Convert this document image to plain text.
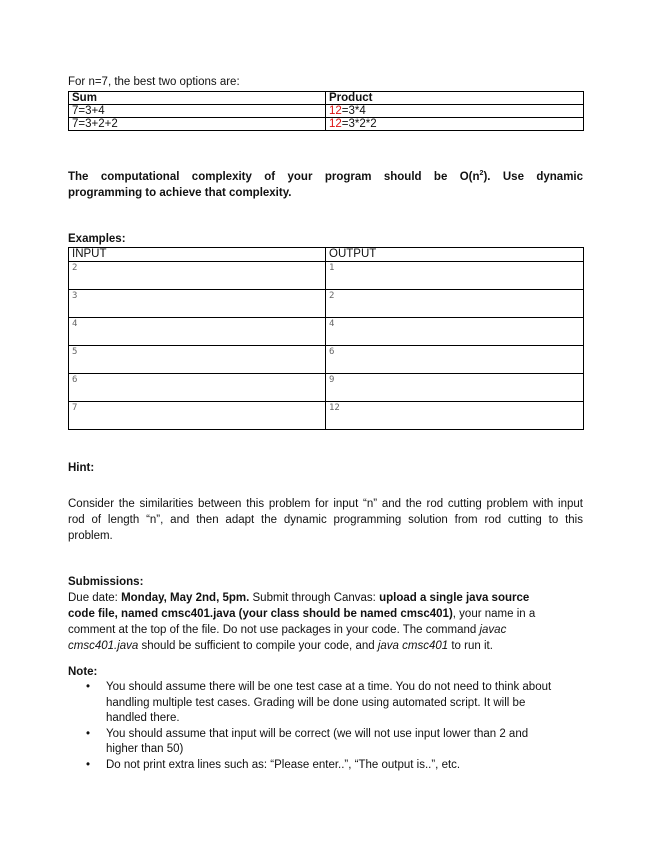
For n=7, the best two options are:
Sum	Product
7=3+4	12=3*4
7=3+2+2	12=3*2*2
The computational complexity of your program should be $O(n^2)$. Use dynamic
programming to achieve that complexity.
Examples:
INPUT	OUTPUT
2	1
3	2
4	4
5	6
6	9
7	12
Hint:
Consider the similarities between this problem for input “n” and the rod cutting problem with input
rod of length “n”, and then adapt the dynamic programming solution from rod cutting to this
problem.
Submissions:
Due date: Monday, May 2nd, 5pm. Submit through Canvas: upload a single java source
code file, named cmsc401.java (your class should be named cmsc401), your name in a
comment at the top of the file. Do not use packages in your code. The command javac
cmsc401.java should be sufficient to compile your code, and java cmsc401 to run it.
Note:
• You should assume there will be one test case at a time. You do not need to think about
handling multiple test cases. Grading will be done using automated script. It will be
handled there.
• You should assume that input will be correct (we will not use input lower than 2 and
higher than 50)
• Do not print extra lines such as: “Please enter..”, “The output is..”, etc.
